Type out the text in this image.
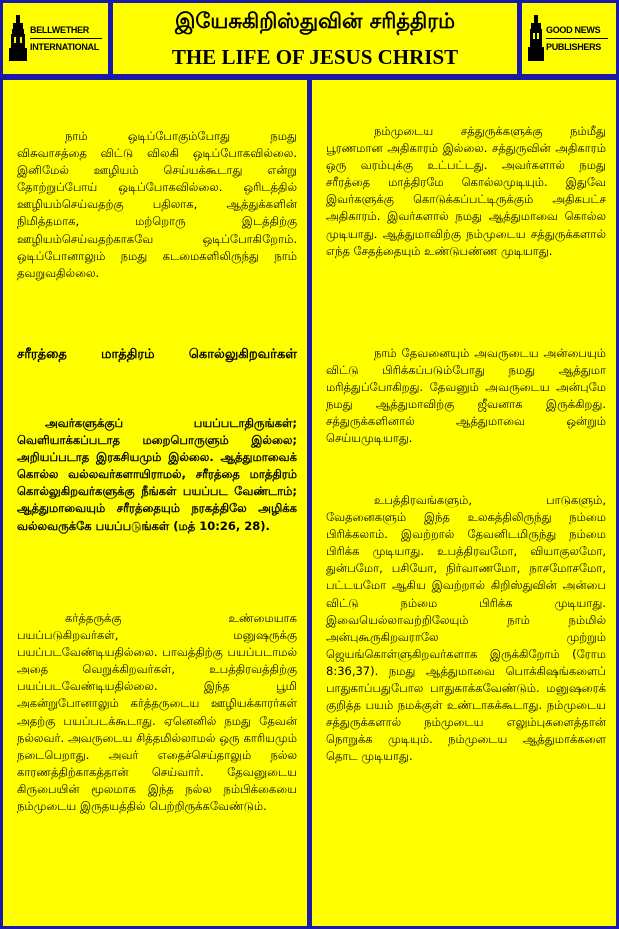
BELLWETHER
INTERNATIONAL
இயேசுகிறிஸ்துவின் சரித்திரம்
THE LIFE OF JESUS CHRIST
GOOD NEWS
PUBLISHERS

நாம் ஒடிப்போகும்போது நமது விசுவாசத்தை விட்டு விலகி ஒடிப்போகவில்லை. இனிமேல் ஊழியம் செய்யக்கூடாது என்று தோற்றுப்போய் ஒடிப்போகவில்லை. ஒரிடத்தில் ஊழியம்செய்வதற்கு பதிலாக, ஆத்துக்களின் நிமித்தமாக, மற்றொரு இடத்திற்கு ஊழியம்செய்வதற்காகவே ஒடிப்போகிறோம். ஒடிப்போனாலும் நமது கடமைகளிலிருந்து நாம் தவறுவதில்லை.

சரீரத்தை மாத்திரம் கொல்லுகிறவர்கள்

அவர்களுக்குப் பயப்படாதிருங்கள்; வெளியாக்கப்படாத மறைபொருளும் இல்லை; அறியப்படாத இரகசியமும் இல்லை. ஆத்துமாவைக் கொல்ல வல்லவர்களாயிராமல், சரீரத்தை மாத்திரம் கொல்லுகிறவர்களுக்கு நீங்கள் பயப்பட வேண்டாம்; ஆத்துமாவையும் சரீரத்தையும் நரகத்திலே அழிக்க வல்லவருக்கே பயப்படுங்கள் (மத் 10:26, 28).

கர்த்தருக்கு உண்மையாக பயப்படுகிறவர்கள், மனுஷருக்கு பயப்படவேண்டியதில்லை. பாவத்திற்கு பயப்படாமல் அதை வெறுக்கிறவர்கள், உபத்திரவத்திற்கு பயப்படவேண்டியதில்லை. இந்த பூமி அகன்றுபோனாலும் கர்த்தருடைய ஊழியக்காரர்கள் அதற்கு பயப்படக்கூடாது. ஏனெனில் நமது தேவன் நல்லவர். அவருடைய சித்தமில்லாமல் ஒரு காரியமும் நடைபெறாது. அவர் எதைச்செய்தாலும் நல்ல காரணத்திற்காகத்தான் செய்வார். தேவனுடைய கிருபையின் மூலமாக இந்த நல்ல நம்பிக்கையை நம்முடைய இருதயத்தில் பெற்றிருக்கவேண்டும்.

நம்முடைய சத்துருக்களுக்கு நம்மீது பூரணமான அதிகாரம் இல்லை. சத்துருவின் அதிகாரம் ஒரு வரம்புக்கு உட்பட்டது. அவர்களால் நமது சரீரத்தை மாத்திரமே கொல்லமுடியும். இதுவே இவர்களுக்கு கொடுக்கப்பட்டிருக்கும் அதிகபட்ச அதிகாரம். இவர்களால் நமது ஆத்துமாவை கொல்ல முடியாது. ஆத்துமாவிற்கு நம்முடைய சத்துருக்களால் எந்த சேதத்தையும் உண்டுபண்ண முடியாது.

நாம் தேவனையும் அவருடைய அன்பையும் விட்டு பிரிக்கப்படும்போது நமது ஆத்துமா மரித்துப்போகிறது. தேவனும் அவருடைய அன்புமே நமது ஆத்துமாவிற்கு ஜீவனாக இருக்கிறது. சத்துருக்களினால் ஆத்துமாவை ஒன்றும் செய்யமுடியாது.

உபத்திரவங்களும், பாடுகளும், வேதனைகளும் இந்த உலகத்திலிருந்து நம்மை பிரிக்கலாம். இவற்றால் தேவனிடமிருந்து நம்மை பிரிக்க முடியாது. உபத்திரவமோ, வியாகுலமோ, துன்பமோ, பசியோ, நிர்வாணமோ, நாசமோசமோ, பட்டயமோ ஆகிய இவற்றால் கிறிஸ்துவின் அன்பை விட்டு நம்மை பிரிக்க முடியாது. இவையெல்லாவற்றிலேயும் நாம் நம்மில் அன்புகூருகிறவராலே முற்றும் ஜெயங்கொள்ளுகிறவர்களாக இருக்கிறோம் (ரோம 8:36,37). நமது ஆத்துமாவை பொக்கிஷங்களைப் பாதுகாப்பதுபோல பாதுகாக்கவேண்டும். மனுஷரைக் குறித்த பயம் நமக்குள் உண்டாகக்கூடாது. நம்முடைய சத்துருக்களால் நம்முடைய எலும்புகளைத்தான் நொறுக்க முடியும். நம்முடைய ஆத்துமாக்களை தொட முடியாது.
